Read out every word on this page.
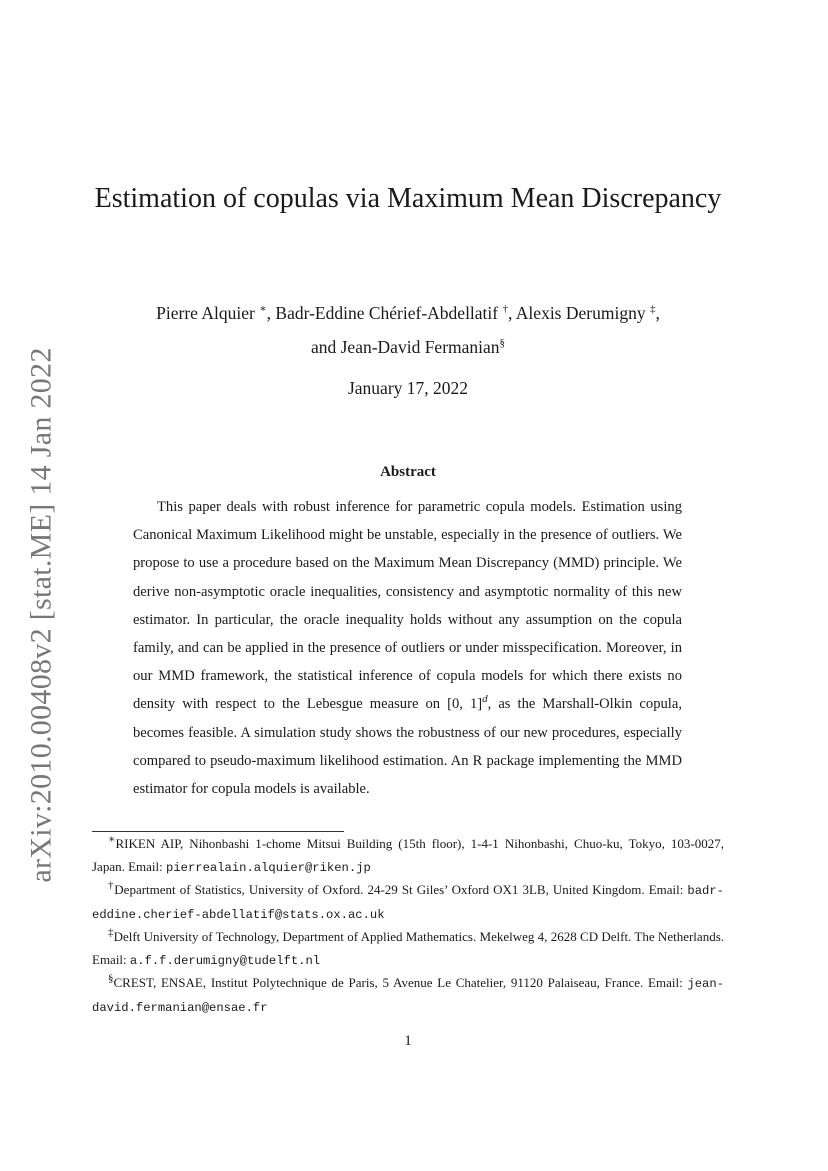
arXiv:2010.00408v2 [stat.ME] 14 Jan 2022
Estimation of copulas via Maximum Mean Discrepancy
Pierre Alquier ∗, Badr-Eddine Chérief-Abdellatif †, Alexis Derumigny ‡,
and Jean-David Fermanian§
January 17, 2022
Abstract

This paper deals with robust inference for parametric copula models. Estimation using Canonical Maximum Likelihood might be unstable, especially in the presence of outliers. We propose to use a procedure based on the Maximum Mean Discrepancy (MMD) principle. We derive non-asymptotic oracle inequalities, consistency and asymptotic normality of this new estimator. In particular, the oracle inequality holds without any assumption on the copula family, and can be applied in the presence of outliers or under misspecification. Moreover, in our MMD framework, the statistical inference of copula models for which there exists no density with respect to the Lebesgue measure on [0, 1]$^d$, as the Marshall-Olkin copula, becomes feasible. A simulation study shows the robustness of our new procedures, especially compared to pseudo-maximum likelihood estimation. An R package implementing the MMD estimator for copula models is available.

∗RIKEN AIP, Nihonbashi 1-chome Mitsui Building (15th floor), 1-4-1 Nihonbashi, Chuo-ku, Tokyo, 103-0027, Japan. Email: pierrealain.alquier@riken.jp

†Department of Statistics, University of Oxford. 24-29 St Giles’ Oxford OX1 3LB, United Kingdom. Email: badr-eddine.cherief-abdellatif@stats.ox.ac.uk

‡Delft University of Technology, Department of Applied Mathematics. Mekelweg 4, 2628 CD Delft. The Netherlands. Email: a.f.f.derumigny@tudelft.nl

§CREST, ENSAE, Institut Polytechnique de Paris, 5 Avenue Le Chatelier, 91120 Palaiseau, France. Email: jean-david.fermanian@ensae.fr

1
